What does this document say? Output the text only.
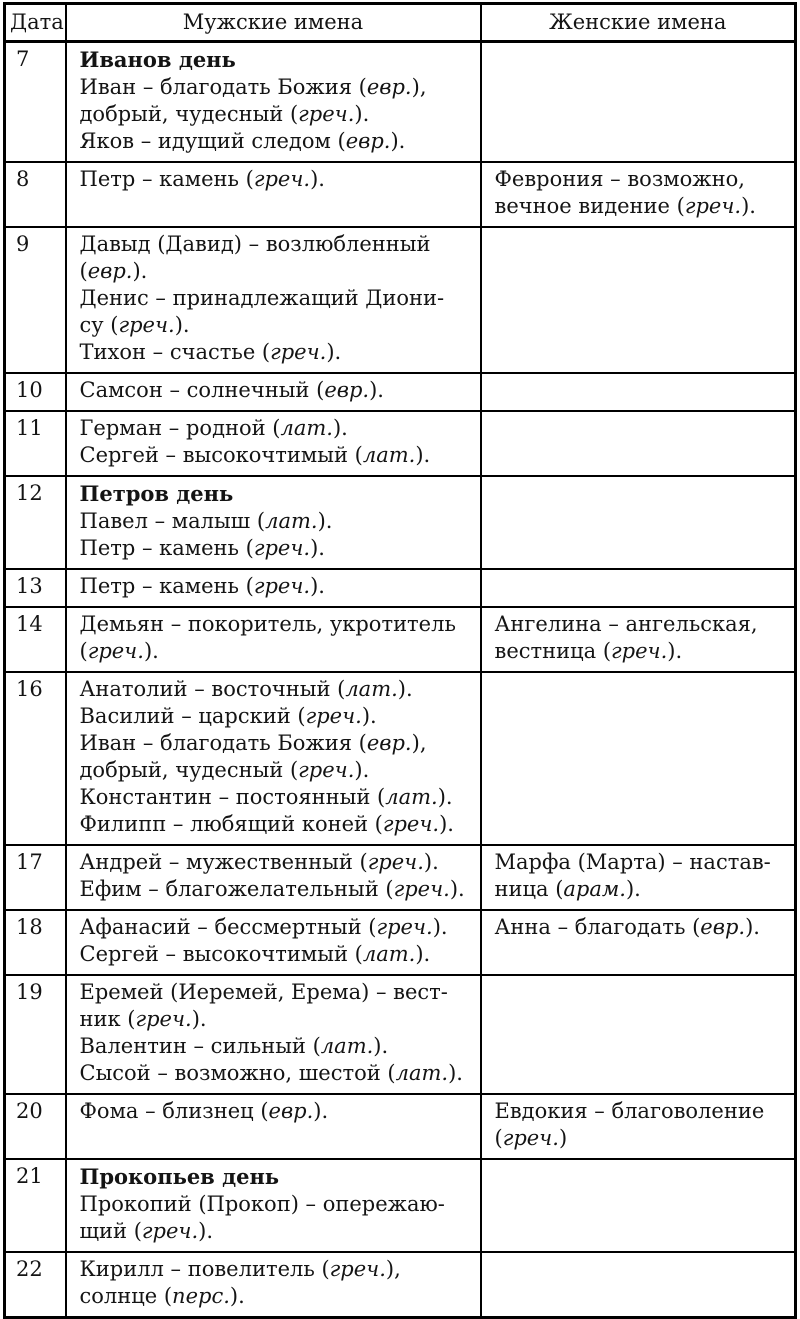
Дата	Мужские имена	Женские имена
7	Иванов день
Иван – благодать Божия (евр.),
добрый, чудесный (греч.).
Яков – идущий следом (евр.).	
8	Петр – камень (греч.).	Феврония – возможно,
вечное видение (греч.).
9	Давыд (Давид) – возлюбленный
(евр.).
Денис – принадлежащий Диони-
су (греч.).
Тихон – счастье (греч.).	
10	Самсон – солнечный (евр.).	
11	Герман – родной (лат.).
Сергей – высокочтимый (лат.).	
12	Петров день
Павел – малыш (лат.).
Петр – камень (греч.).	
13	Петр – камень (греч.).	
14	Демьян – покоритель, укротитель
(греч.).	Ангелина – ангельская,
вестница (греч.).
16	Анатолий – восточный (лат.).
Василий – царский (греч.).
Иван – благодать Божия (евр.),
добрый, чудесный (греч.).
Константин – постоянный (лат.).
Филипп – любящий коней (греч.).	
17	Андрей – мужественный (греч.).
Ефим – благожелательный (греч.).	Марфа (Марта) – настав-
ница (арам.).
18	Афанасий – бессмертный (греч.).
Сергей – высокочтимый (лат.).	Анна – благодать (евр.).
19	Еремей (Иеремей, Ерема) – вест-
ник (греч.).
Валентин – сильный (лат.).
Сысой – возможно, шестой (лат.).	
20	Фома – близнец (евр.).	Евдокия – благоволение
(греч.)
21	Прокопьев день
Прокопий (Прокоп) – опережаю-
щий (греч.).	
22	Кирилл – повелитель (греч.),
солнце (перс.).	
